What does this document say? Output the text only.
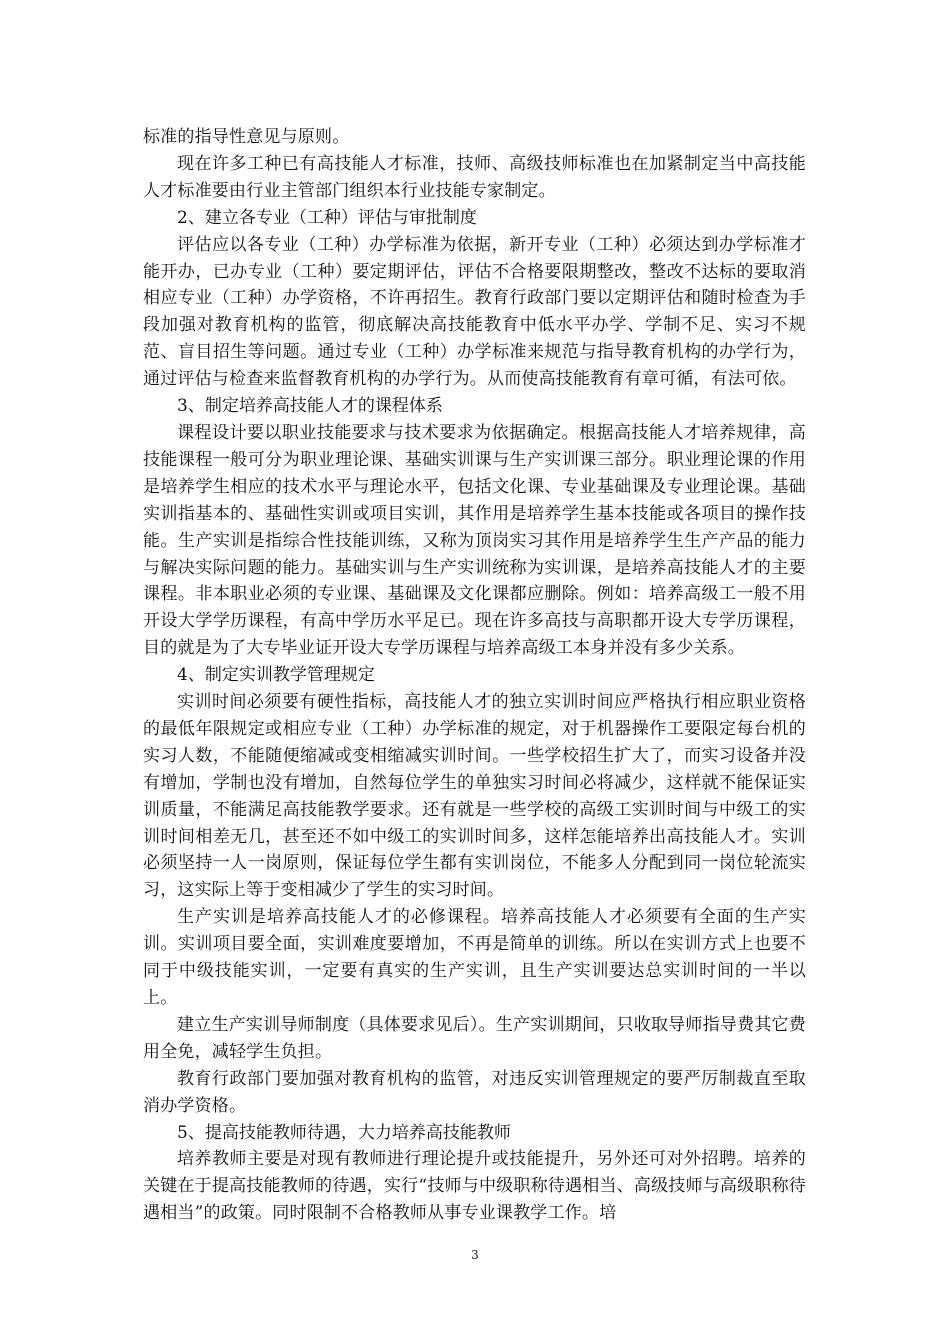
标准的指导性意见与原则。

现在许多工种已有高技能人才标准，技师、高级技师标准也在加紧制定当中高技能人才标准要由行业主管部门组织本行业技能专家制定。

2、建立各专业（工种）评估与审批制度

评估应以各专业（工种）办学标准为依据，新开专业（工种）必须达到办学标准才能开办，已办专业（工种）要定期评估，评估不合格要限期整改，整改不达标的要取消相应专业（工种）办学资格，不许再招生。教育行政部门要以定期评估和随时检查为手段加强对教育机构的监管，彻底解决高技能教育中低水平办学、学制不足、实习不规范、盲目招生等问题。通过专业（工种）办学标准来规范与指导教育机构的办学行为，通过评估与检查来监督教育机构的办学行为。从而使高技能教育有章可循，有法可依。

3、制定培养高技能人才的课程体系

课程设计要以职业技能要求与技术要求为依据确定。根据高技能人才培养规律，高技能课程一般可分为职业理论课、基础实训课与生产实训课三部分。职业理论课的作用是培养学生相应的技术水平与理论水平，包括文化课、专业基础课及专业理论课。基础实训指基本的、基础性实训或项目实训，其作用是培养学生基本技能或各项目的操作技能。生产实训是指综合性技能训练，又称为顶岗实习其作用是培养学生生产产品的能力与解决实际问题的能力。基础实训与生产实训统称为实训课，是培养高技能人才的主要课程。非本职业必须的专业课、基础课及文化课都应删除。例如：培养高级工一般不用开设大学学历课程，有高中学历水平足已。现在许多高技与高职都开设大专学历课程，目的就是为了大专毕业证开设大专学历课程与培养高级工本身并没有多少关系。

4、制定实训教学管理规定

实训时间必须要有硬性指标，高技能人才的独立实训时间应严格执行相应职业资格的最低年限规定或相应专业（工种）办学标准的规定，对于机器操作工要限定每台机的实习人数，不能随便缩减或变相缩减实训时间。一些学校招生扩大了，而实习设备并没有增加，学制也没有增加，自然每位学生的单独实习时间必将减少，这样就不能保证实训质量，不能满足高技能教学要求。还有就是一些学校的高级工实训时间与中级工的实训时间相差无几，甚至还不如中级工的实训时间多，这样怎能培养出高技能人才。实训必须坚持一人一岗原则，保证每位学生都有实训岗位，不能多人分配到同一岗位轮流实习，这实际上等于变相减少了学生的实习时间。

生产实训是培养高技能人才的必修课程。培养高技能人才必须要有全面的生产实训。实训项目要全面，实训难度要增加，不再是简单的训练。所以在实训方式上也要不同于中级技能实训，一定要有真实的生产实训，且生产实训要达总实训时间的一半以上。

建立生产实训导师制度（具体要求见后）。生产实训期间，只收取导师指导费其它费用全免，减轻学生负担。

教育行政部门要加强对教育机构的监管，对违反实训管理规定的要严厉制裁直至取消办学资格。

5、提高技能教师待遇，大力培养高技能教师

培养教师主要是对现有教师进行理论提升或技能提升，另外还可对外招聘。培养的关键在于提高技能教师的待遇，实行“技师与中级职称待遇相当、高级技师与高级职称待遇相当”的政策。同时限制不合格教师从事专业课教学工作。培

3
